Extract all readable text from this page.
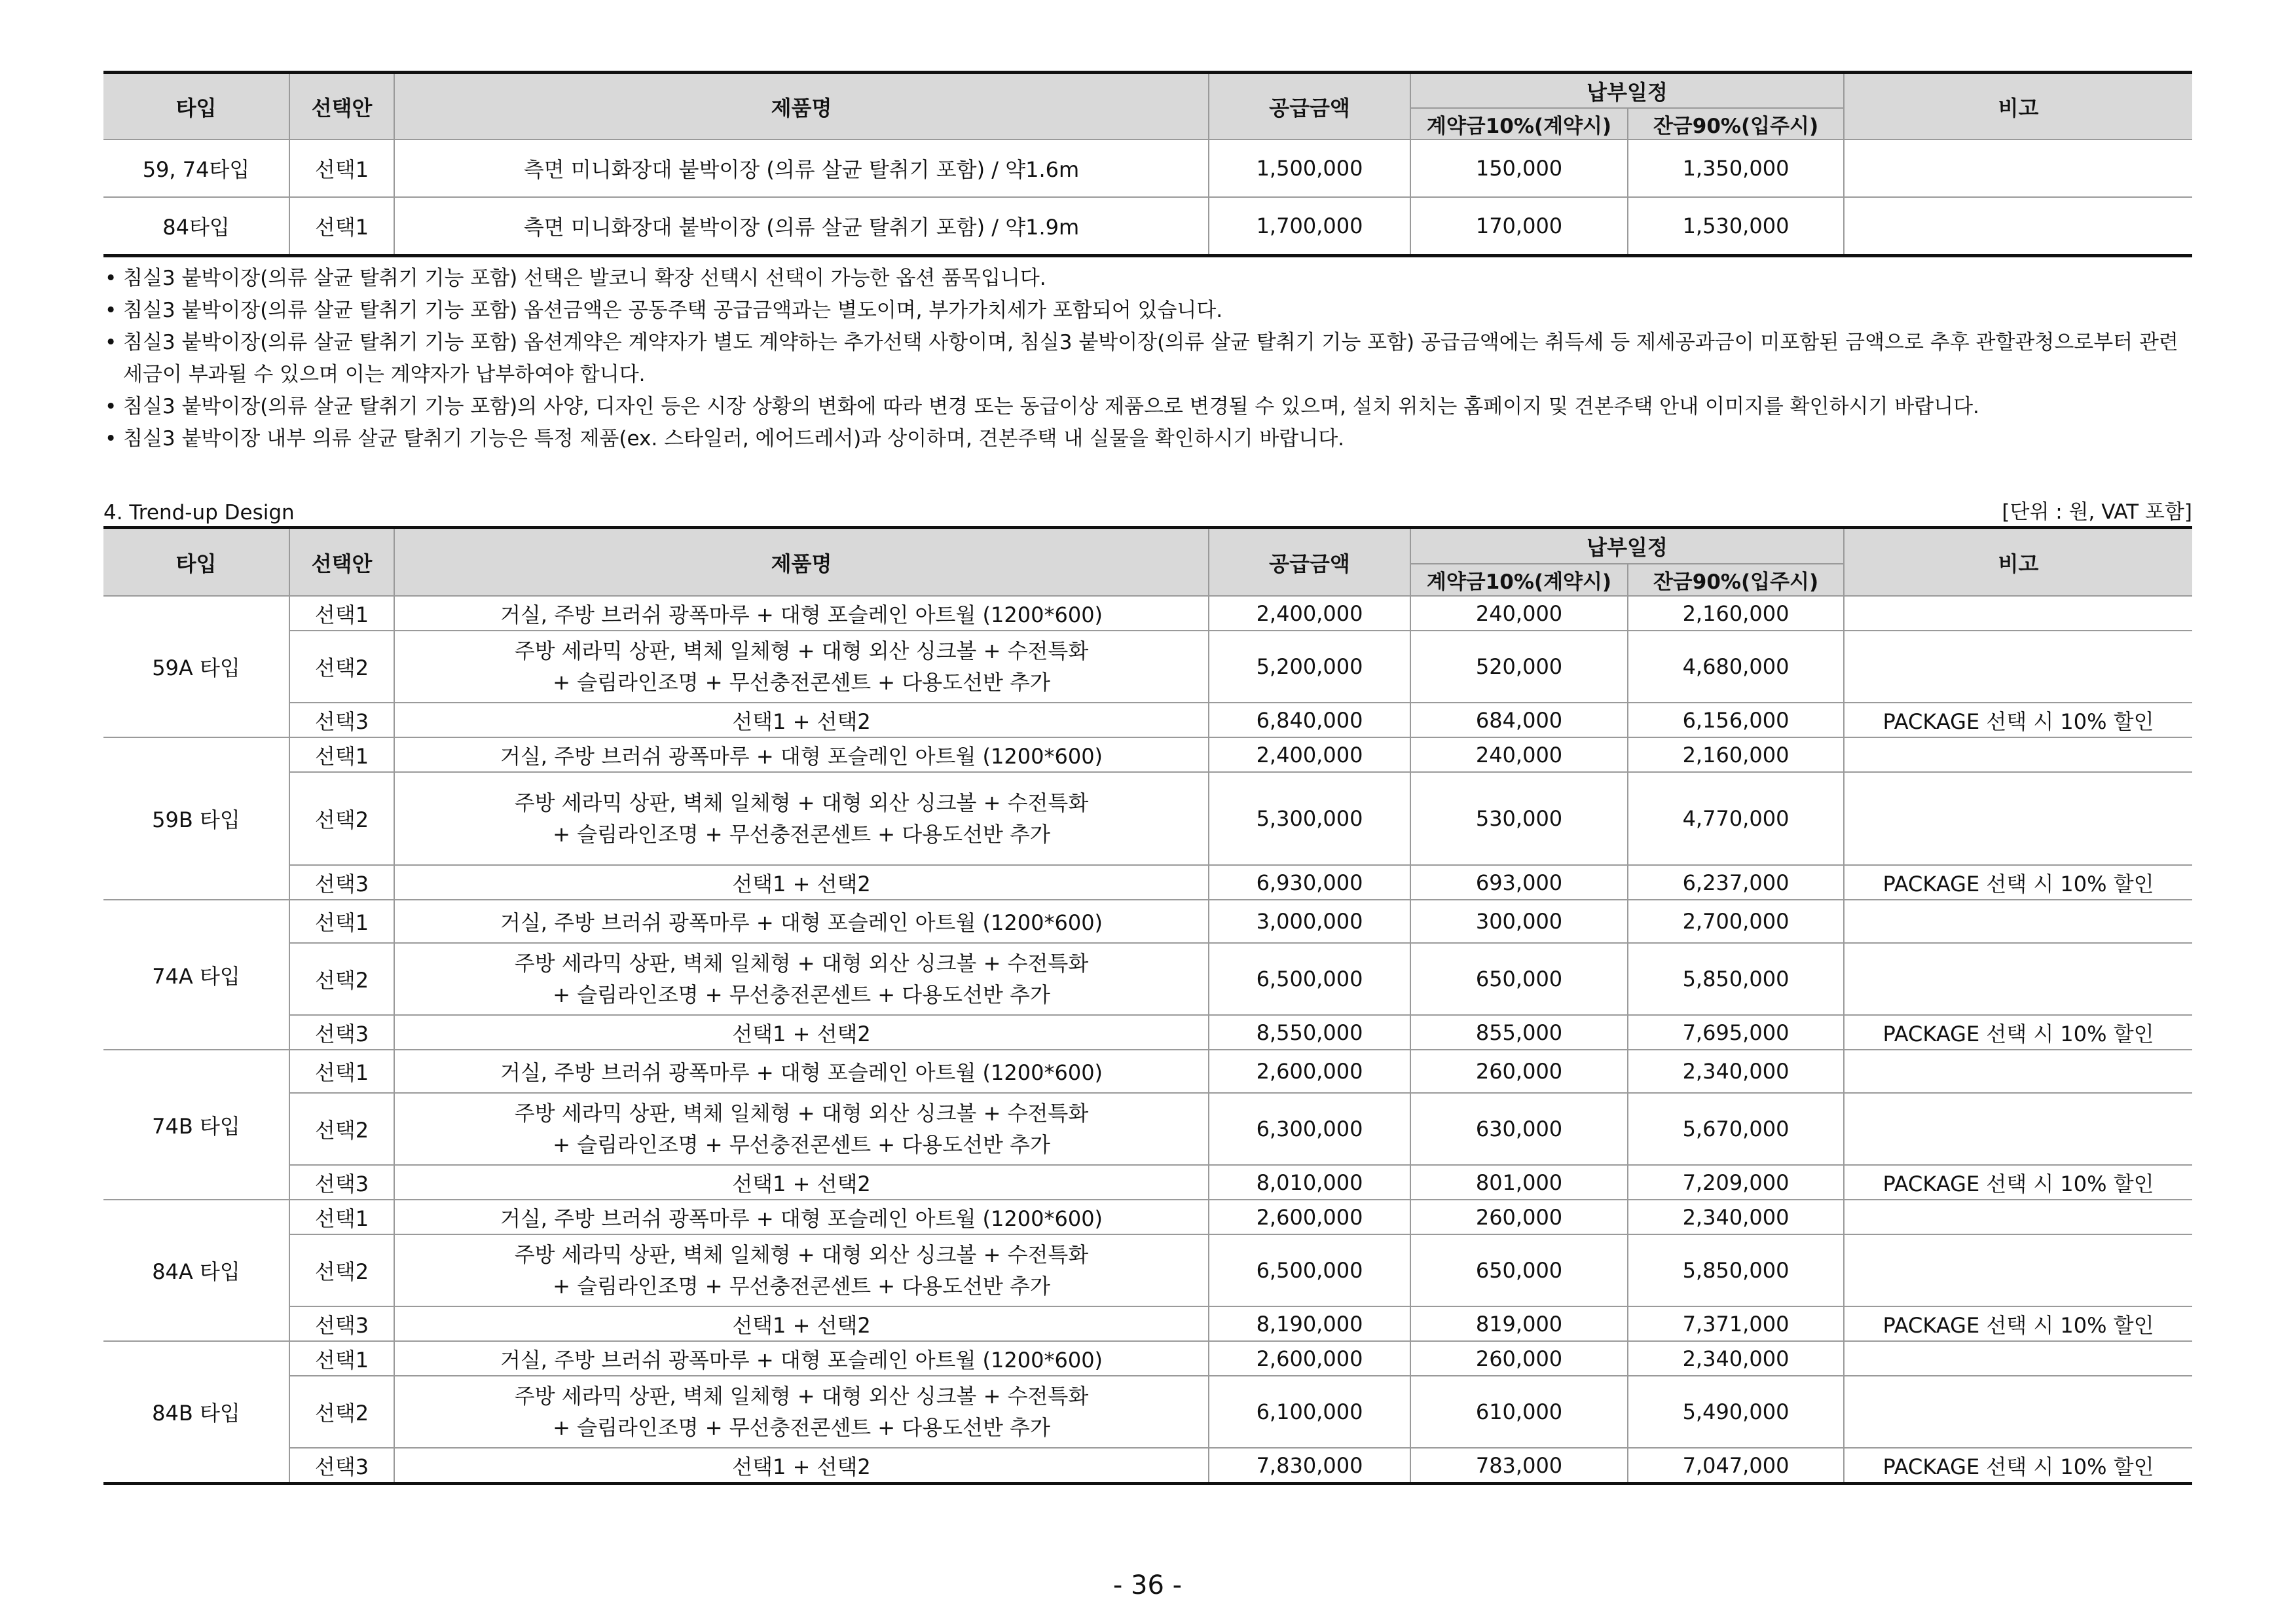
타입	선택안	제품명	공급금액	납부일정		비고
				계약금10%(계약시)	잔금90%(입주시)	
59, 74타입	선택1	측면 미니화장대 붙박이장 (의류 살균 탈취기 포함) / 약1.6m	1,500,000	150,000	1,350,000	
84타입	선택1	측면 미니화장대 붙박이장 (의류 살균 탈취기 포함) / 약1.9m	1,700,000	170,000	1,530,000	
• 침실3 붙박이장(의류 살균 탈취기 기능 포함) 선택은 발코니 확장 선택시 선택이 가능한 옵션 품목입니다.
• 침실3 붙박이장(의류 살균 탈취기 기능 포함) 옵션금액은 공동주택 공급금액과는 별도이며, 부가가치세가 포함되어 있습니다.
• 침실3 붙박이장(의류 살균 탈취기 기능 포함) 옵션계약은 계약자가 별도 계약하는 추가선택 사항이며, 침실3 붙박이장(의류 살균 탈취기 기능 포함) 공급금액에는 취득세 등 제세공과금이 미포함된 금액으로 추후 관할관청으로부터 관련 세금이 부과될 수 있으며 이는 계약자가 납부하여야 합니다.
• 침실3 붙박이장(의류 살균 탈취기 기능 포함)의 사양, 디자인 등은 시장 상황의 변화에 따라 변경 또는 동급이상 제품으로 변경될 수 있으며, 설치 위치는 홈페이지 및 견본주택 안내 이미지를 확인하시기 바랍니다.
• 침실3 붙박이장 내부 의류 살균 탈취기 기능은 특정 제품(ex. 스타일러, 에어드레서)과 상이하며, 견본주택 내 실물을 확인하시기 바랍니다.
4. Trend-up Design	[단위 : 원, VAT 포함]
타입	선택안	제품명	공급금액	납부일정		비고
				계약금10%(계약시)	잔금90%(입주시)	
59A 타입	선택1	거실, 주방 브러쉬 광폭마루 + 대형 포슬레인 아트월 (1200*600)	2,400,000	240,000	2,160,000	
	선택2	주방 세라믹 상판, 벽체 일체형 + 대형 외산 싱크볼 + 수전특화
+ 슬림라인조명 + 무선충전콘센트 + 다용도선반 추가	5,200,000	520,000	4,680,000	
	선택3	선택1 + 선택2	6,840,000	684,000	6,156,000	PACKAGE 선택 시 10% 할인
59B 타입	선택1	거실, 주방 브러쉬 광폭마루 + 대형 포슬레인 아트월 (1200*600)	2,400,000	240,000	2,160,000	
	선택2	주방 세라믹 상판, 벽체 일체형 + 대형 외산 싱크볼 + 수전특화
+ 슬림라인조명 + 무선충전콘센트 + 다용도선반 추가	5,300,000	530,000	4,770,000	
	선택3	선택1 + 선택2	6,930,000	693,000	6,237,000	PACKAGE 선택 시 10% 할인
74A 타입	선택1	거실, 주방 브러쉬 광폭마루 + 대형 포슬레인 아트월 (1200*600)	3,000,000	300,000	2,700,000	
	선택2	주방 세라믹 상판, 벽체 일체형 + 대형 외산 싱크볼 + 수전특화
+ 슬림라인조명 + 무선충전콘센트 + 다용도선반 추가	6,500,000	650,000	5,850,000	
	선택3	선택1 + 선택2	8,550,000	855,000	7,695,000	PACKAGE 선택 시 10% 할인
74B 타입	선택1	거실, 주방 브러쉬 광폭마루 + 대형 포슬레인 아트월 (1200*600)	2,600,000	260,000	2,340,000	
	선택2	주방 세라믹 상판, 벽체 일체형 + 대형 외산 싱크볼 + 수전특화
+ 슬림라인조명 + 무선충전콘센트 + 다용도선반 추가	6,300,000	630,000	5,670,000	
	선택3	선택1 + 선택2	8,010,000	801,000	7,209,000	PACKAGE 선택 시 10% 할인
84A 타입	선택1	거실, 주방 브러쉬 광폭마루 + 대형 포슬레인 아트월 (1200*600)	2,600,000	260,000	2,340,000	
	선택2	주방 세라믹 상판, 벽체 일체형 + 대형 외산 싱크볼 + 수전특화
+ 슬림라인조명 + 무선충전콘센트 + 다용도선반 추가	6,500,000	650,000	5,850,000	
	선택3	선택1 + 선택2	8,190,000	819,000	7,371,000	PACKAGE 선택 시 10% 할인
84B 타입	선택1	거실, 주방 브러쉬 광폭마루 + 대형 포슬레인 아트월 (1200*600)	2,600,000	260,000	2,340,000	
	선택2	주방 세라믹 상판, 벽체 일체형 + 대형 외산 싱크볼 + 수전특화
+ 슬림라인조명 + 무선충전콘센트 + 다용도선반 추가	6,100,000	610,000	5,490,000	
	선택3	선택1 + 선택2	7,830,000	783,000	7,047,000	PACKAGE 선택 시 10% 할인
- 36 -
